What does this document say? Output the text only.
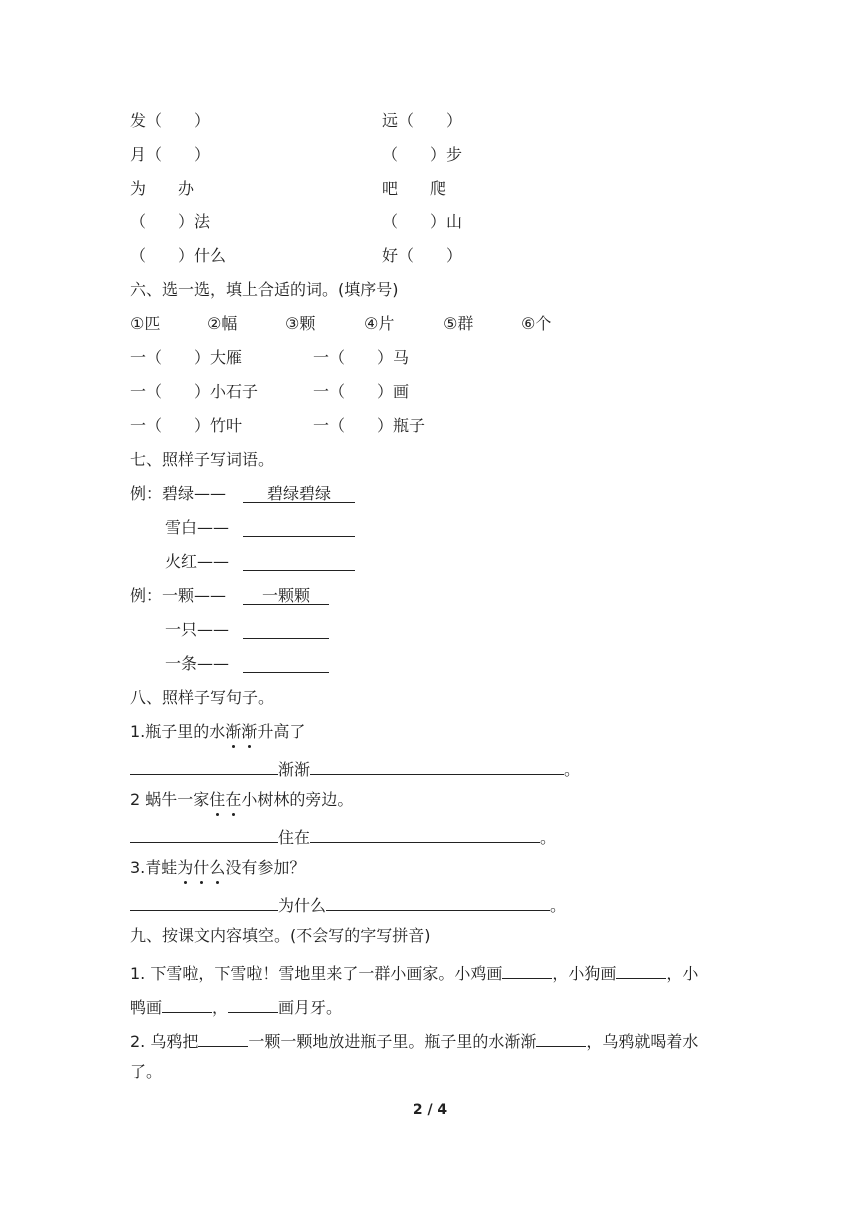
发（　　）	远（　　）
月（　　）	（　　）步
为　　办	吧　　爬
（　　）法	（　　）山
（　　）什么	好（　　）
六、选一选，填上合适的词。(填序号)
①匹	②幅	③颗	④片	⑤群	⑥个
一（　　）大雁	一（　　）马
一（　　）小石子	一（　　）画
一（　　）竹叶	一（　　）瓶子
七、照样子写词语。
例：碧绿——	碧绿碧绿
雪白——
火红——
例：一颗——	一颗颗
一只——
一条——
八、照样子写句子。
1.瓶子里的水渐渐升高了
渐渐	。
2 蜗牛一家住在小树林的旁边。
住在	。
3.青蛙为什么没有参加？
为什么	。
九、按课文内容填空。(不会写的字写拼音)
1. 下雪啦，下雪啦！雪地里来了一群小画家。小鸡画	，小狗画	，小
鸭画	，	画月牙。
2. 乌鸦把	一颗一颗地放进瓶子里。瓶子里的水渐渐	，乌鸦就喝着水
了。
2 / 4
